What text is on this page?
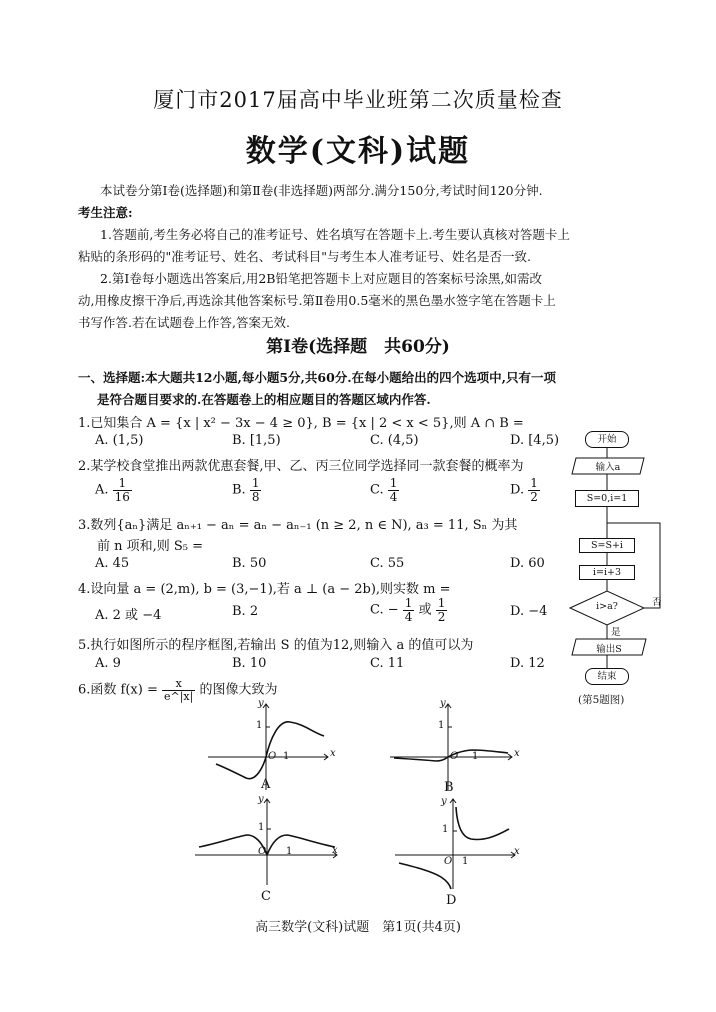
厦门市2017届高中毕业班第二次质量检查
数学(文科)试题
本试卷分第Ⅰ卷(选择题)和第Ⅱ卷(非选择题)两部分.满分150分,考试时间120分钟.
考生注意:
1.答题前,考生务必将自己的准考证号、姓名填写在答题卡上.考生要认真核对答题卡上
粘贴的条形码的"准考证号、姓名、考试科目"与考生本人准考证号、姓名是否一致.
2.第Ⅰ卷每小题选出答案后,用2B铅笔把答题卡上对应题目的答案标号涂黑,如需改
动,用橡皮擦干净后,再选涂其他答案标号.第Ⅱ卷用0.5毫米的黑色墨水签字笔在答题卡上
书写作答.若在试题卷上作答,答案无效.
第Ⅰ卷(选择题　共60分)
一、选择题:本大题共12小题,每小题5分,共60分.在每小题给出的四个选项中,只有一项
是符合题目要求的.在答题卷上的相应题目的答题区域内作答.
1.已知集合 A = {x | x² − 3x − 4 ≥ 0}, B = {x | 2 < x < 5},则 A ∩ B =
A. (1,5)	B. [1,5)	C. (4,5)	D. [4,5)
2.某学校食堂推出两款优惠套餐,甲、乙、丙三位同学选择同一款套餐的概率为
A. $\frac{1}{16}$	B. $\frac{1}{8}$	C. $\frac{1}{4}$	D. $\frac{1}{2}$
3.数列{aₙ}满足 aₙ₊₁ − aₙ = aₙ − aₙ₋₁ (n ≥ 2, n ∈ N), a₃ = 11, Sₙ 为其
前 n 项和,则 S₅ =
A. 45	B. 50	C. 55	D. 60
4.设向量 a = (2,m), b = (3,−1),若 a ⊥ (a − 2b),则实数 m =
A. 2 或 −4	B. 2	C. − $\frac{1}{4}$ 或 $\frac{1}{2}$	D. −4
5.执行如图所示的程序框图,若输出 S 的值为12,则输入 a 的值可以为
A. 9	B. 10	C. 11	D. 12
6.函数 $f(x) = \frac{x}{e\^{}|x|}$ 的图像大致为
开始
输入a
S=0,i=1
S=S+i
i=i+3
i>a?	否
是
输出S
结束
(第5题图)
y
x
O 1
1
A
y
x
O 1
1
B
y
x
O 1
1
C
y
x
O 1
1
D
高三数学(文科)试题　第1页(共4页)
